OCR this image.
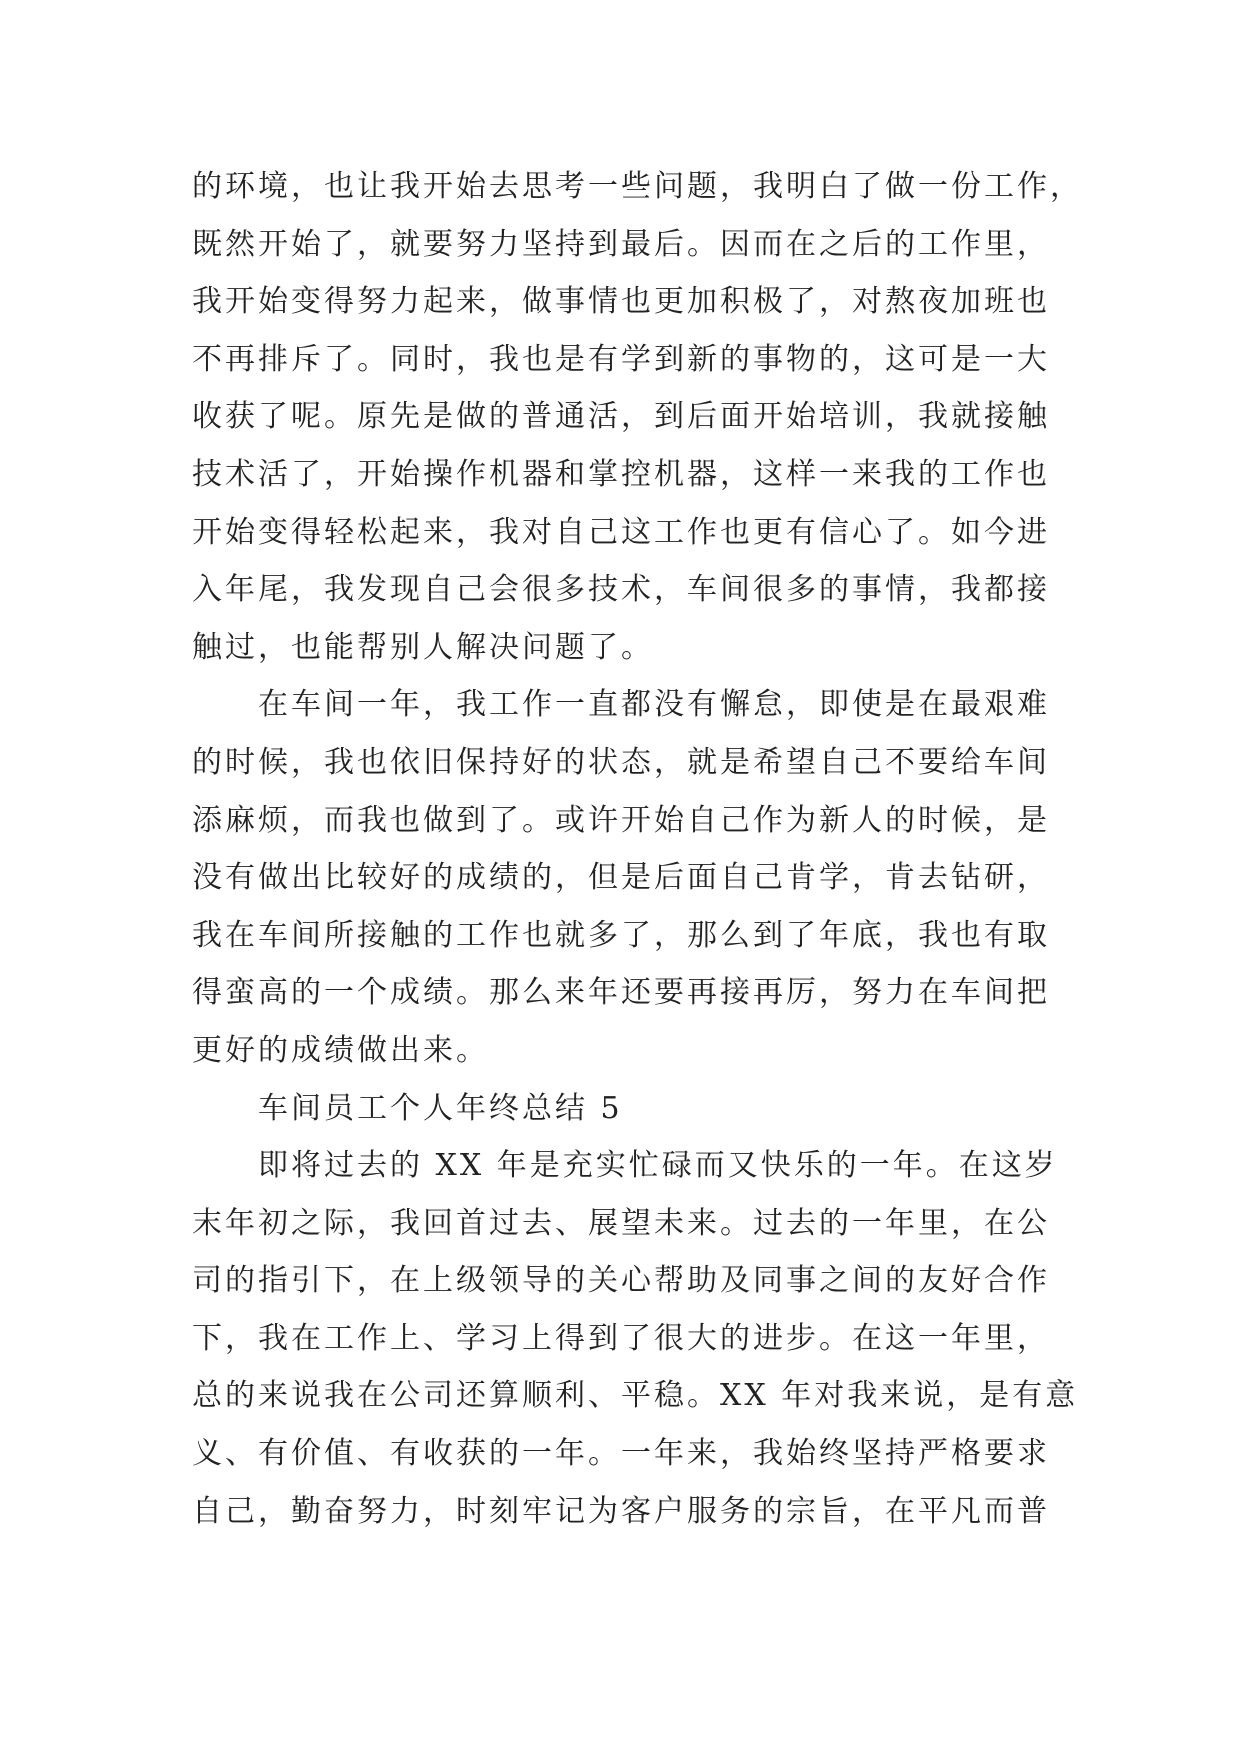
的环境，也让我开始去思考一些问题，我明白了做一份工作，
既然开始了，就要努力坚持到最后。因而在之后的工作里，
我开始变得努力起来，做事情也更加积极了，对熬夜加班也
不再排斥了。同时，我也是有学到新的事物的，这可是一大
收获了呢。原先是做的普通活，到后面开始培训，我就接触
技术活了，开始操作机器和掌控机器，这样一来我的工作也
开始变得轻松起来，我对自己这工作也更有信心了。如今进
入年尾，我发现自己会很多技术，车间很多的事情，我都接
触过，也能帮别人解决问题了。
在车间一年，我工作一直都没有懈怠，即使是在最艰难
的时候，我也依旧保持好的状态，就是希望自己不要给车间
添麻烦，而我也做到了。或许开始自己作为新人的时候，是
没有做出比较好的成绩的，但是后面自己肯学，肯去钻研，
我在车间所接触的工作也就多了，那么到了年底，我也有取
得蛮高的一个成绩。那么来年还要再接再厉，努力在车间把
更好的成绩做出来。
车间员工个人年终总结 5
即将过去的 XX 年是充实忙碌而又快乐的一年。在这岁
末年初之际，我回首过去、展望未来。过去的一年里，在公
司的指引下，在上级领导的关心帮助及同事之间的友好合作
下，我在工作上、学习上得到了很大的进步。在这一年里，
总的来说我在公司还算顺利、平稳。XX 年对我来说，是有意
义、有价值、有收获的一年。一年来，我始终坚持严格要求
自己，勤奋努力，时刻牢记为客户服务的宗旨，在平凡而普
